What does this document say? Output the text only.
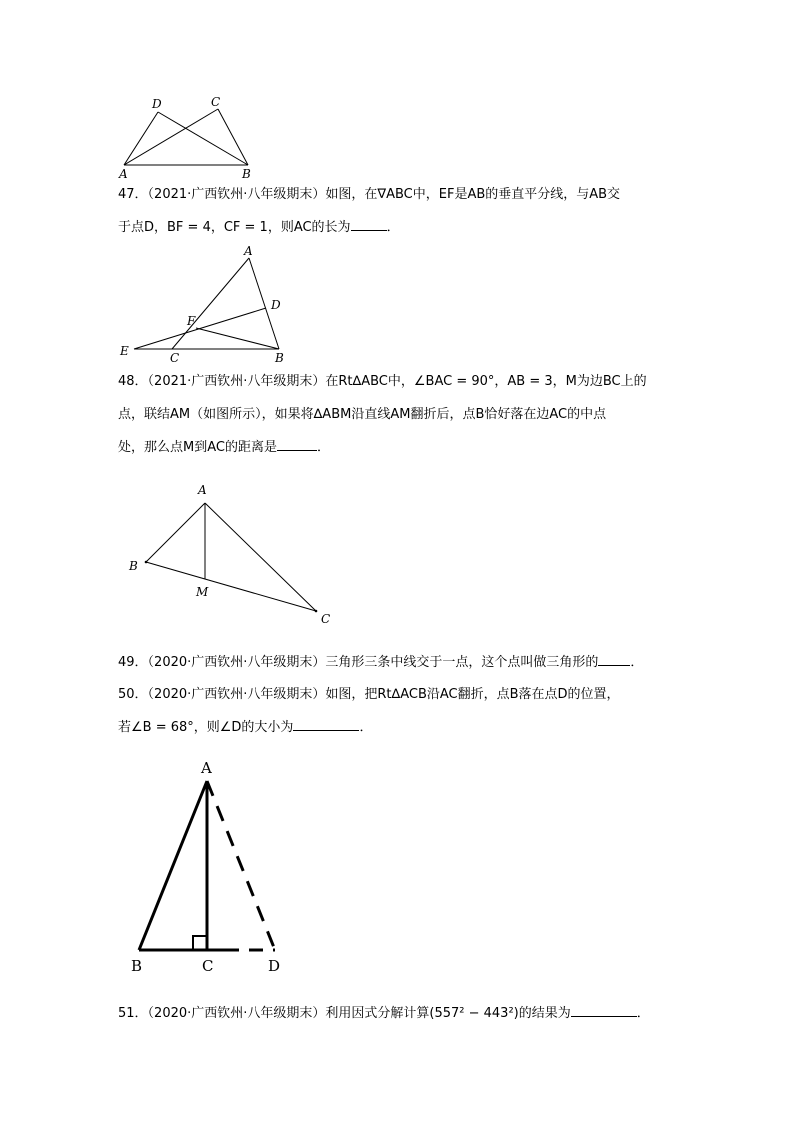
D	C
A	B
47．（2021·广西钦州·八年级期末）如图，在∇ABC中，EF是AB的垂直平分线，与AB交
于点D，BF = 4，CF = 1，则AC的长为	．
A
D
F
E	C	B
48．（2021·广西钦州·八年级期末）在Rt∆ABC中，∠BAC = 90°，AB = 3，M为边BC上的
点，联结AM（如图所示），如果将∆ABM沿直线AM翻折后，点B恰好落在边AC的中点
处，那么点M到AC的距离是	．
A
B
M
C
49．（2020·广西钦州·八年级期末）三角形三条中线交于一点，这个点叫做三角形的 ．
50．（2020·广西钦州·八年级期末）如图，把Rt∆ACB沿AC翻折，点B落在点D的位置，
若∠B = 68°，则∠D的大小为	．
A
B	C	D
51．（2020·广西钦州·八年级期末）利用因式分解计算(557² − 443²)的结果为	．
